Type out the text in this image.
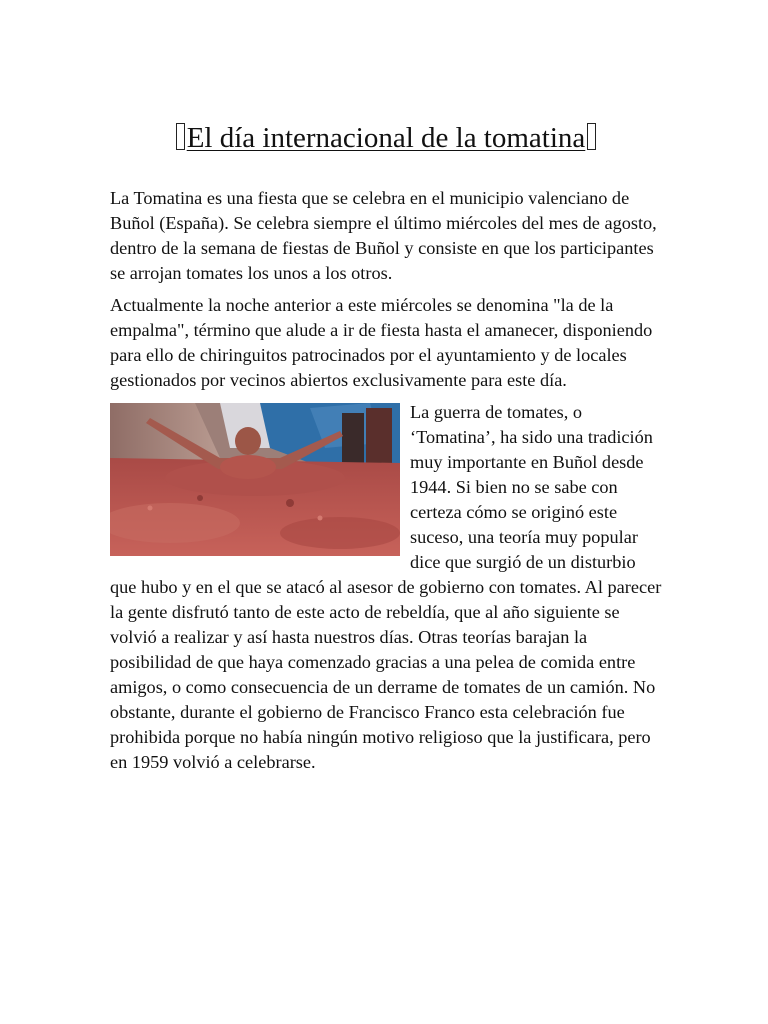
El día internacional de la tomatina

La Tomatina es una fiesta que se celebra en el municipio valenciano de Buñol (España). Se celebra siempre el último miércoles del mes de agosto, dentro de la semana de fiestas de Buñol y consiste en que los participantes se arrojan tomates los unos a los otros.

Actualmente la noche anterior a este miércoles se denomina "la de la empalma", término que alude a ir de fiesta hasta el amanecer, disponiendo para ello de chiringuitos patrocinados por el ayuntamiento y de locales gestionados por vecinos abiertos exclusivamente para este día.

La guerra de tomates, o ‘Tomatina’, ha sido una tradición muy importante en Buñol desde 1944. Si bien no se sabe con certeza cómo se originó este suceso, una teoría muy popular dice que surgió de un disturbio que hubo y en el que se atacó al asesor de gobierno con tomates. Al parecer la gente disfrutó tanto de este acto de rebeldía, que al año siguiente se volvió a realizar y así hasta nuestros días. Otras teorías barajan la posibilidad de que haya comenzado gracias a una pelea de comida entre amigos, o como consecuencia de un derrame de tomates de un camión. No obstante, durante el gobierno de Francisco Franco esta celebración fue prohibida porque no había ningún motivo religioso que la justificara, pero en 1959 volvió a celebrarse.
